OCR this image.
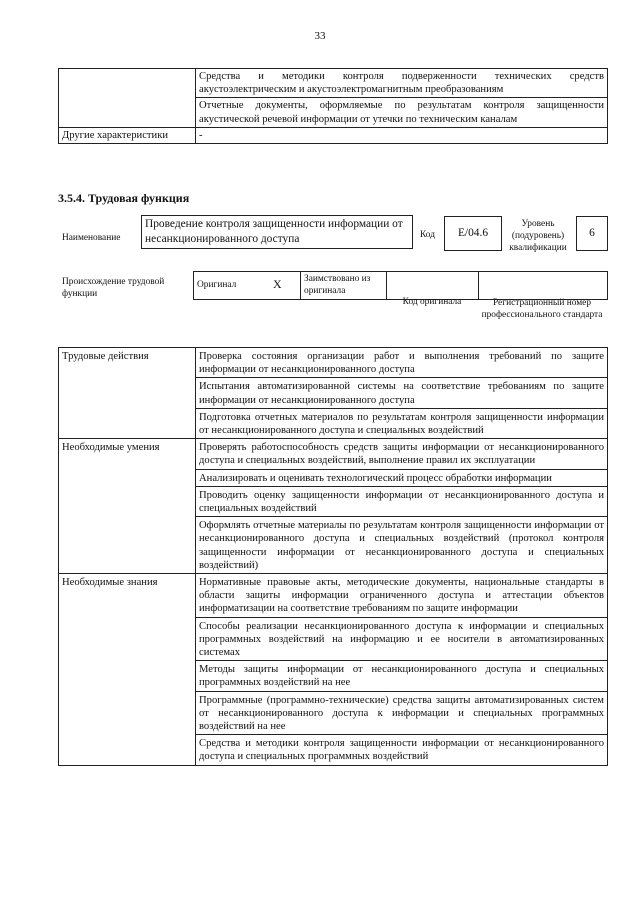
33
	Средства и методики контроля подверженности технических средств акустоэлектрическим и акустоэлектромагнитным преобразованиям
	Отчетные документы, оформляемые по результатам контроля защищенности акустической речевой информации от утечки по техническим каналам
Другие характеристики	-
3.5.4. Трудовая функция
Наименование
Проведение контроля защищенности информации от несанкционированного доступа	Код	E/04.6
Уровень (подуровень) квалификации
6
Происхождение трудовой функции
Оригинал	X Заимствовано из оригинала
Код оригинала	Регистрационный номер профессионального стандарта
Трудовые действия	Проверка состояния организации работ и выполнения требований по защите информации от несанкционированного доступа
	Испытания автоматизированной системы на соответствие требованиям по защите информации от несанкционированного доступа
	Подготовка отчетных материалов по результатам контроля защищенности информации от несанкционированного доступа и специальных воздействий
Необходимые умения	Проверять работоспособность средств защиты информации от несанкционированного доступа и специальных воздействий, выполнение правил их эксплуатации
	Анализировать и оценивать технологический процесс обработки информации
	Проводить оценку защищенности информации от несанкционированного доступа и специальных воздействий
	Оформлять отчетные материалы по результатам контроля защищенности информации от несанкционированного доступа и специальных воздействий (протокол контроля защищенности информации от несанкционированного доступа и специальных воздействий)
Необходимые знания	Нормативные правовые акты, методические документы, национальные стандарты в области защиты информации ограниченного доступа и аттестации объектов информатизации на соответствие требованиям по защите информации
	Способы реализации несанкционированного доступа к информации и специальных программных воздействий на информацию и ее носители в автоматизированных системах
	Методы защиты информации от несанкционированного доступа и специальных программных воздействий на нее
	Программные (программно-технические) средства защиты автоматизированных систем от несанкционированного доступа к информации и специальных программных воздействий на нее
	Средства и методики контроля защищенности информации от несанкционированного доступа и специальных программных воздействий
